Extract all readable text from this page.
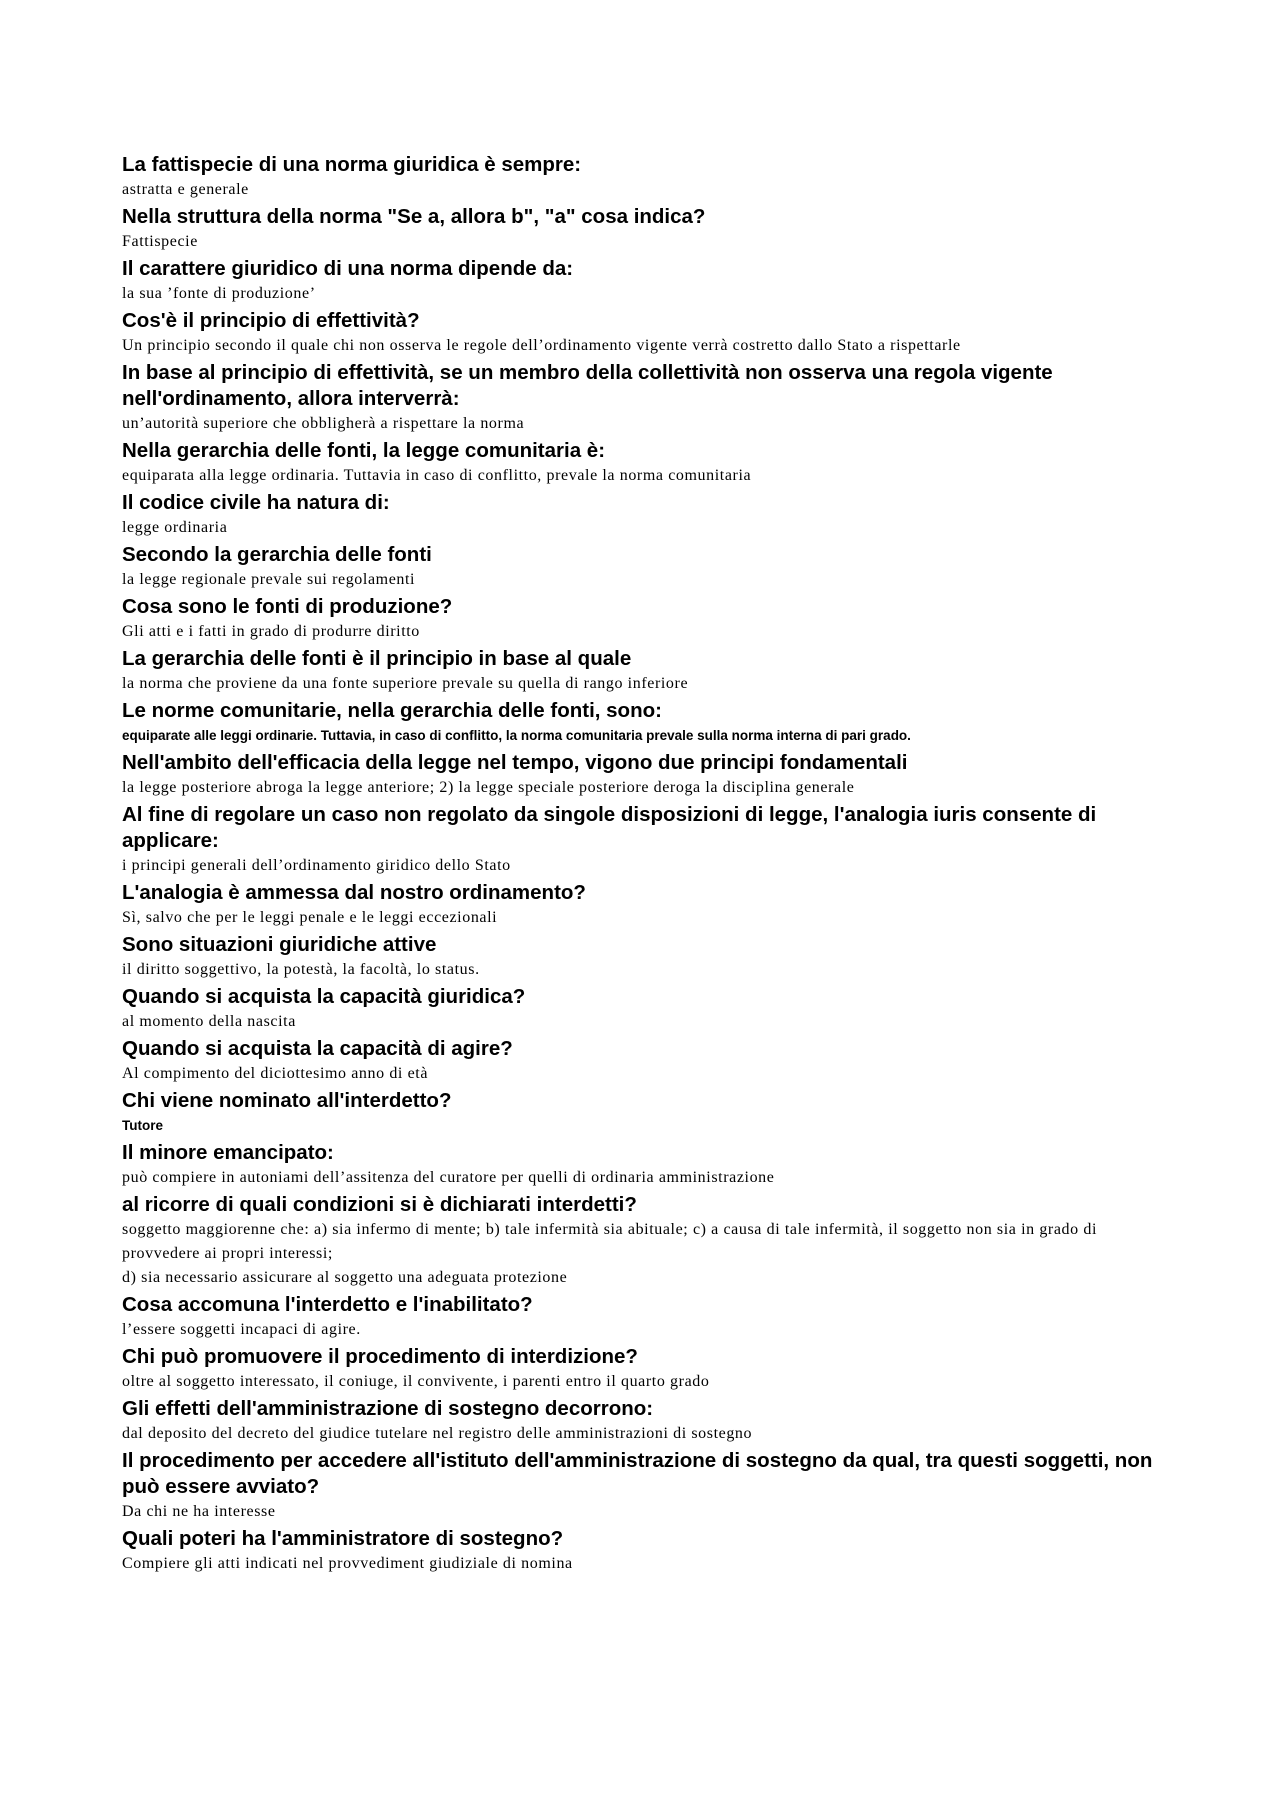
La fattispecie di una norma giuridica è sempre:

astratta e generale

Nella struttura della norma "Se a, allora b", "a" cosa indica?

Fattispecie

Il carattere giuridico di una norma dipende da:

la sua ’fonte di produzione’

Cos'è il principio di effettività?

Un principio secondo il quale chi non osserva le regole dell’ordinamento vigente verrà costretto dallo Stato a rispettarle

In base al principio di effettività, se un membro della collettività non osserva una regola vigente nell'ordinamento, allora interverrà:

un’autorità superiore che obbligherà a rispettare la norma

Nella gerarchia delle fonti, la legge comunitaria è:

equiparata alla legge ordinaria. Tuttavia in caso di conflitto, prevale la norma comunitaria

Il codice civile ha natura di:

legge ordinaria

Secondo la gerarchia delle fonti

la legge regionale prevale sui regolamenti

Cosa sono le fonti di produzione?

Gli atti e i fatti in grado di produrre diritto

La gerarchia delle fonti è il principio in base al quale

la norma che proviene da una fonte superiore prevale su quella di rango inferiore

Le norme comunitarie, nella gerarchia delle fonti, sono:

equiparate alle leggi ordinarie. Tuttavia, in caso di conflitto, la norma comunitaria prevale sulla norma interna di pari grado.

Nell'ambito dell'efficacia della legge nel tempo, vigono due principi fondamentali

la legge posteriore abroga la legge anteriore; 2) la legge speciale posteriore deroga la disciplina generale

Al fine di regolare un caso non regolato da singole disposizioni di legge, l'analogia iuris consente di applicare:

i principi generali dell’ordinamento giridico dello Stato

L'analogia è ammessa dal nostro ordinamento?

Sì, salvo che per le leggi penale e le leggi eccezionali

Sono situazioni giuridiche attive

il diritto soggettivo, la potestà, la facoltà, lo status.

Quando si acquista la capacità giuridica?

al momento della nascita

Quando si acquista la capacità di agire?

Al compimento del diciottesimo anno di età

Chi viene nominato all'interdetto?

Tutore

Il minore emancipato:

può compiere in autoniami dell’assitenza del curatore per quelli di ordinaria amministrazione

al ricorre di quali condizioni si è dichiarati interdetti?

soggetto maggiorenne che: a) sia infermo di mente; b) tale infermità sia abituale; c) a causa di tale infermità, il soggetto non sia in grado di provvedere ai propri interessi;
d) sia necessario assicurare al soggetto una adeguata protezione

Cosa accomuna l'interdetto e l'inabilitato?

l’essere soggetti incapaci di agire.

Chi può promuovere il procedimento di interdizione?

oltre al soggetto interessato, il coniuge, il convivente, i parenti entro il quarto grado

Gli effetti dell'amministrazione di sostegno decorrono:

dal deposito del decreto del giudice tutelare nel registro delle amministrazioni di sostegno

Il procedimento per accedere all'istituto dell'amministrazione di sostegno da qual, tra questi soggetti, non può essere avviato?

Da chi ne ha interesse

Quali poteri ha l'amministratore di sostegno?

Compiere gli atti indicati nel provvediment giudiziale di nomina
